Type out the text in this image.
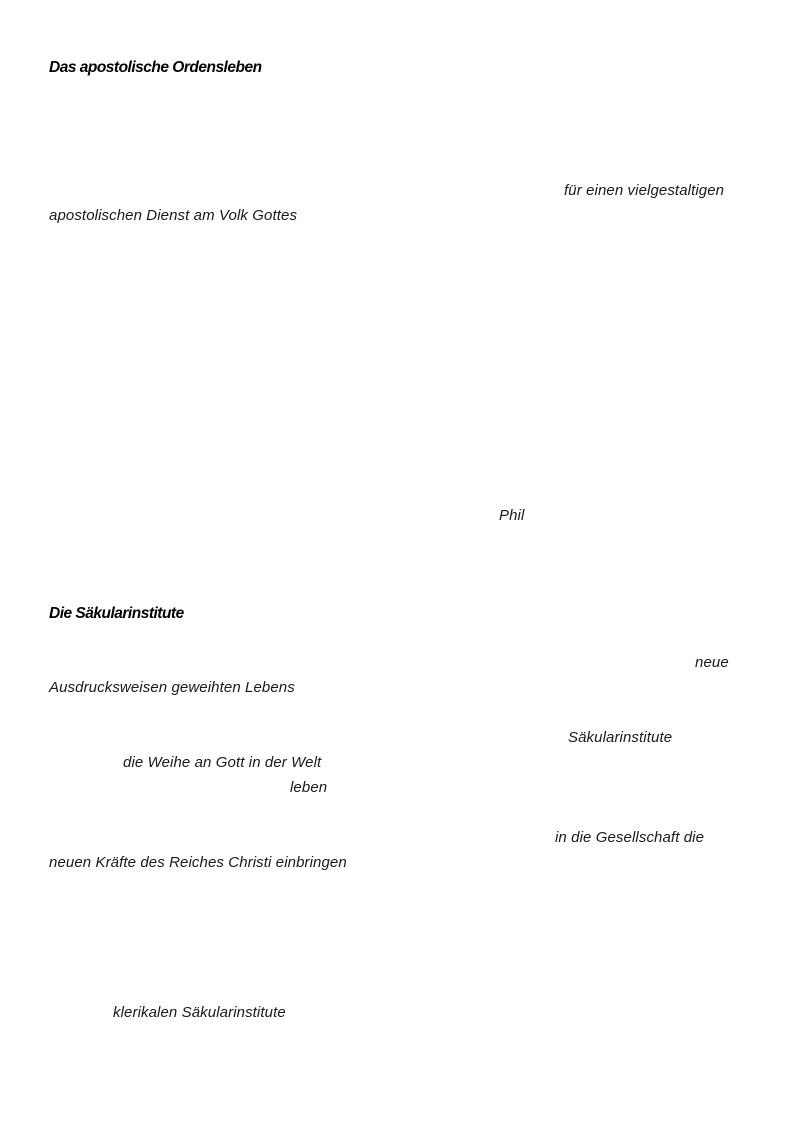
Das apostolische Ordensleben
für einen vielgestaltigen
apostolischen Dienst am Volk Gottes
Phil
Die Säkularinstitute
neue
Ausdrucksweisen geweihten Lebens
Säkularinstitute
die Weihe an Gott in der Welt
leben
in die Gesellschaft die
neuen Kräfte des Reiches Christi einbringen
klerikalen Säkularinstitute
